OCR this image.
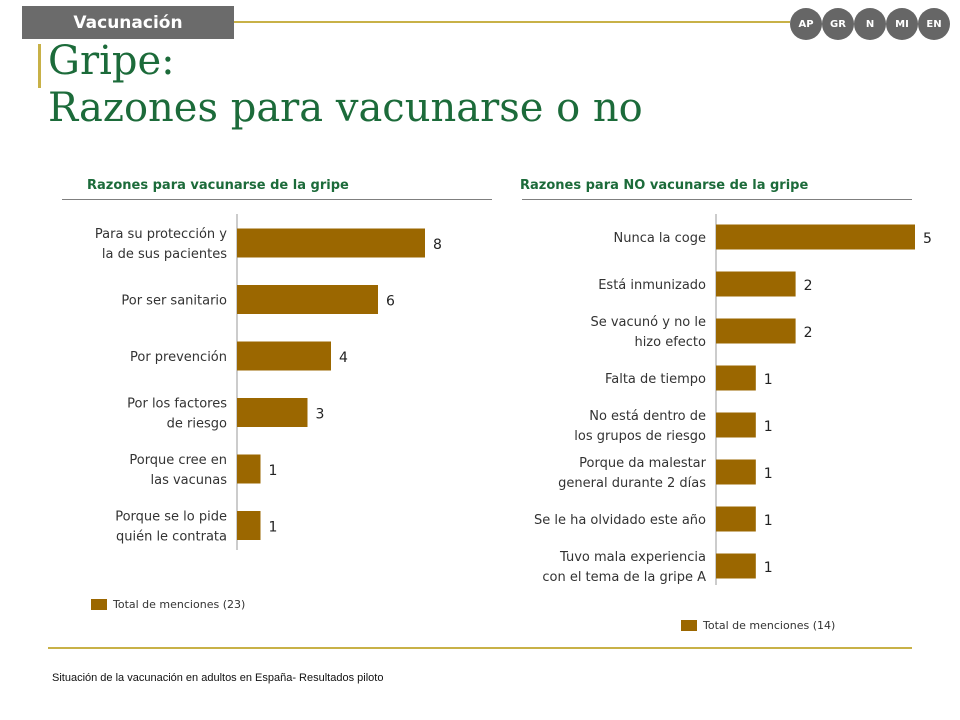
Vacunación	AP GR N MI EN
Gripe:
Razones para vacunarse o no
Razones para vacunarse de la gripe	Razones para NO vacunarse de la gripe
8
Para su protección y
la de sus pacientes
6
Por ser sanitario
4
Por prevención
3
Por los factores
de riesgo
1
Porque cree en
las vacunas
1
Porque se lo pide
quién le contrata
5
Nunca la coge
2
Está inmunizado
2
Se vacunó y no le
hizo efecto
1
Falta de tiempo
1
No está dentro de
los grupos de riesgo
1
Porque da malestar
general durante 2 días
1
Se le ha olvidado este año
1
Tuvo mala experiencia
con el tema de la gripe A
Total de menciones (23)
Total de menciones (14)
Situación de la vacunación en adultos en España- Resultados piloto
